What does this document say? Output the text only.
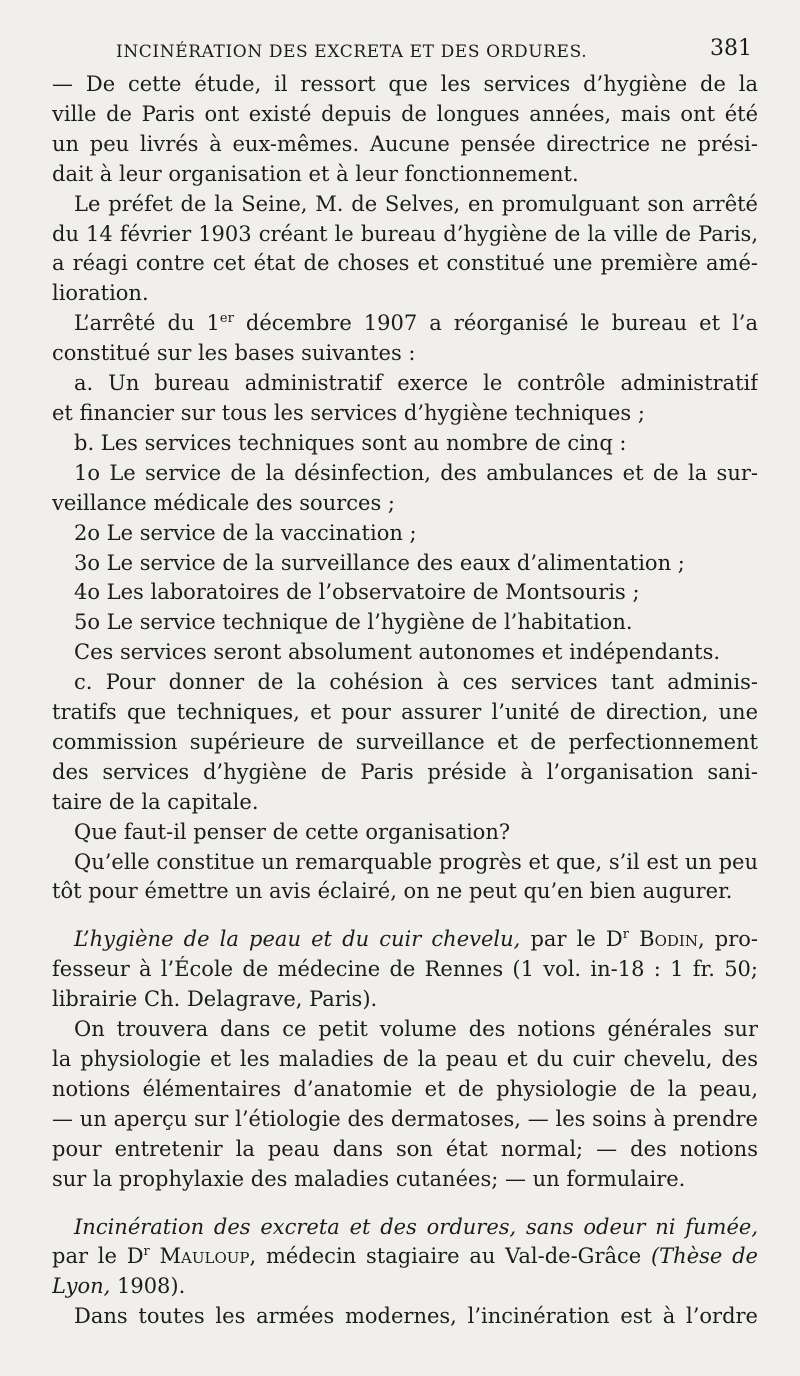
INCINÉRATION DES EXCRETA ET DES ORDURES.	381
— De cette étude, il ressort que les services d’hygiène de la
ville de Paris ont existé depuis de longues années, mais ont été
un peu livrés à eux-mêmes. Aucune pensée directrice ne prési-
dait à leur organisation et à leur fonctionnement.
Le préfet de la Seine, M. de Selves, en promulguant son arrêté
du 14 février 1903 créant le bureau d’hygiène de la ville de Paris,
a réagi contre cet état de choses et constitué une première amé-
lioration.
L’arrêté du 1er décembre 1907 a réorganisé le bureau et l’a
constitué sur les bases suivantes :
a. Un bureau administratif exerce le contrôle administratif
et financier sur tous les services d’hygiène techniques ;
b. Les services techniques sont au nombre de cinq :
1o Le service de la désinfection, des ambulances et de la sur-
veillance médicale des sources ;
2o Le service de la vaccination ;
3o Le service de la surveillance des eaux d’alimentation ;
4o Les laboratoires de l’observatoire de Montsouris ;
5o Le service technique de l’hygiène de l’habitation.
Ces services seront absolument autonomes et indépendants.
c. Pour donner de la cohésion à ces services tant adminis-
tratifs que techniques, et pour assurer l’unité de direction, une
commission supérieure de surveillance et de perfectionnement
des services d’hygiène de Paris préside à l’organisation sani-
taire de la capitale.
Que faut-il penser de cette organisation?
Qu’elle constitue un remarquable progrès et que, s’il est un peu
tôt pour émettre un avis éclairé, on ne peut qu’en bien augurer.
L’hygiène de la peau et du cuir chevelu, par le $D^r$ Bodin, pro-
fesseur à l’École de médecine de Rennes (1 vol. in-18 : 1 fr. 50;
librairie Ch. Delagrave, Paris).
On trouvera dans ce petit volume des notions générales sur
la physiologie et les maladies de la peau et du cuir chevelu, des
notions élémentaires d’anatomie et de physiologie de la peau,
— un aperçu sur l’étiologie des dermatoses, — les soins à prendre
pour entretenir la peau dans son état normal; — des notions
sur la prophylaxie des maladies cutanées; — un formulaire.
Incinération des excreta et des ordures, sans odeur ni fumée,
par le $D^r$ Mauloup, médecin stagiaire au Val-de-Grâce (Thèse de
Lyon, 1908).
Dans toutes les armées modernes, l’incinération est à l’ordre
